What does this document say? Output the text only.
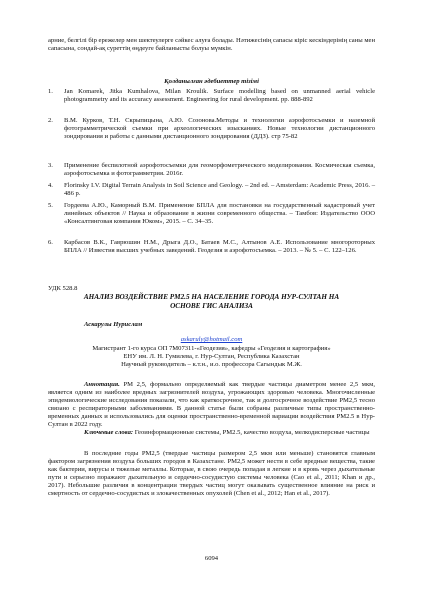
арние, белгілі бір ережелер мен шектеулерге сәйкес алуға болады. Нәтижесінің сапасы кіріс кескіндерінің саны мен сапасына, сондай-ақ суреттің өңдеуге байланысты болуы мүмкін.

Қолданылған әдебиеттер тізімі

1. Jan Komarek, Jitka Kumhalova, Milan Kroulik. Surface modelling based on unmanned aerial vehicle photogrammetry and its accuracy assessment. Engineering for rural development. pp. 888-892

2. В.М. Курков, Т.Н. Скрыпицына, А.Ю. Созонова.Методы и технологии аэрофотосъемки и наземной фотограмметрической съемки при археологических изысканиях. Новые технологии дистанционного зондирования и работы с данными дистанционного зондирования (ДДЗ). стр 75-82

3. Применение беспилотной аэрофотосъемки для геоморфометрического моделирования. Космическая съемка, аэрофотосъемка и фотограмметрия. 2016г.

4. Florinsky I.V. Digital Terrain Analysis in Soil Science and Geology. – 2nd ed. – Amsterdam: Academic Press, 2016. – 486 p.

5. Гордеева А.Ю., Каморный В.М. Применение БПЛА для постановки на государственный кадастровый учет линейных объектов // Наука и образование в жизни современного общества. – Тамбов: Издательство ООО «Консалтинговая компания Юком», 2015. – С. 34–35.

6. Карбасов В.К., Гаврюшин Н.М., Дрыга Д.О., Батаев М.С., Алтынов А.Е. Использование многороторных БПЛА // Известия высших учебных заведений. Геодезия и аэрофотосъемка. – 2013. – № 5. – С. 122–126.

УДК 528.8

АНАЛИЗ ВОЗДЕЙСТВИЕ PM2.5 НА НАСЕЛЕНИЕ ГОРОДА НУР-СУЛТАН НА
ОСНОВЕ ГИС АНАЛИЗА

Аскарулы Нурислам

askaruly@hotmail.com

Магистрант 1-го курса ОП 7М07311-«Геодезия», кафедры «Геодезия и картография»
ЕНУ им. Л. Н. Гумилева, г. Нур-Султан, Республика Казахстан
Научный руководитель – к.т.н., и.о. профессора Сагындык М.Ж.

Аннотация. PM 2,5, формально определяемый как твердые частицы диаметром менее 2,5 мкм, является одним из наиболее вредных загрязнителей воздуха, угрожающих здоровью человека. Многочисленные эпидемиологические исследования показали, что как краткосрочное, так и долгосрочное воздействие PM2,5 тесно связано с респираторными заболеваниями. В данной статье были собраны различные типы пространственно-временных данных и использовались для оценки пространственно-временной вариации воздействия PM2.5 в Нур-Султан в 2022 году.

Ключевые слова: Геоинформационные системы, PM2.5, качество воздуха, мелкодисперсные частицы

В последние годы PM2,5 (твердые частицы размером 2,5 мкм или меньше) становятся главным фактором загрязнения воздуха больших городов в Казахстане. PM2,5 может нести в себе вредные вещества, такие как бактерии, вирусы и тяжелые металлы. Которые, в свою очередь попадая в легкие и в кровь через дыхательные пути и серьезно поражают дыхательную и сердечно-сосудистую системы человека (Cao et al., 2011; Khan и др., 2017). Небольшие различия в концентрации твердых частиц могут оказывать существенное влияние на риск и смертность от сердечно-сосудистых и злокачественных опухолей (Chen et al., 2012; Han et al., 2017).

6094
